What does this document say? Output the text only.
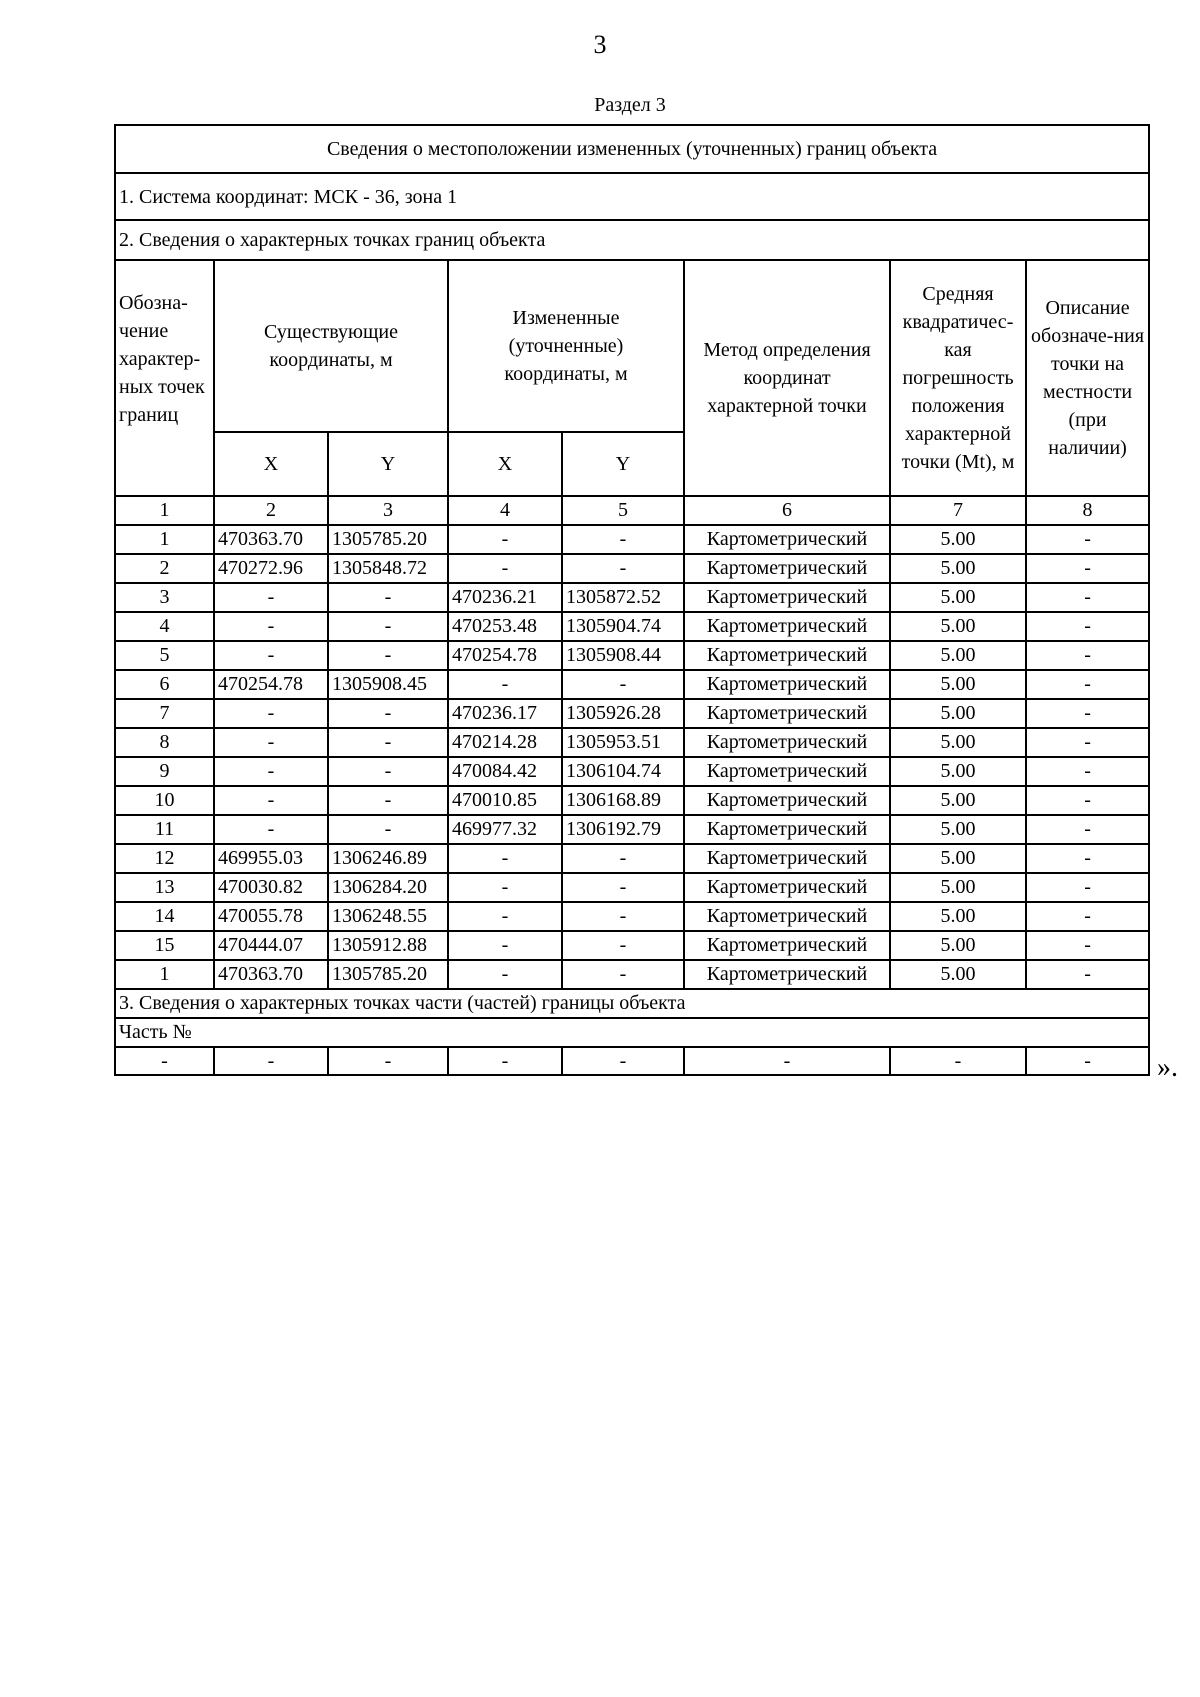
3
Раздел 3
Сведения о местоположении измененных (уточненных) границ объекта							
1. Система координат: МСК - 36, зона 1							
2. Сведения о характерных точках границ объекта							
Обозна-чение характер-ных точек границ	Существующие координаты, м		Измененные (уточненные) координаты, м		Метод определения координат характерной точки	Средняя квадратичес-кая погрешность положения характерной точки (Mt), м	Описание обозначе-ния точки на местности (при наличии)
	X	Y	X	Y			
1	2	3	4	5	6	7	8
1	470363.70	1305785.20	-	-	Картометрический	5.00	-
2	470272.96	1305848.72	-	-	Картометрический	5.00	-
3	-	-	470236.21	1305872.52	Картометрический	5.00	-
4	-	-	470253.48	1305904.74	Картометрический	5.00	-
5	-	-	470254.78	1305908.44	Картометрический	5.00	-
6	470254.78	1305908.45	-	-	Картометрический	5.00	-
7	-	-	470236.17	1305926.28	Картометрический	5.00	-
8	-	-	470214.28	1305953.51	Картометрический	5.00	-
9	-	-	470084.42	1306104.74	Картометрический	5.00	-
10	-	-	470010.85	1306168.89	Картометрический	5.00	-
11	-	-	469977.32	1306192.79	Картометрический	5.00	-
12	469955.03	1306246.89	-	-	Картометрический	5.00	-
13	470030.82	1306284.20	-	-	Картометрический	5.00	-
14	470055.78	1306248.55	-	-	Картометрический	5.00	-
15	470444.07	1305912.88	-	-	Картометрический	5.00	-
1	470363.70	1305785.20	-	-	Картометрический	5.00	-
3. Сведения о характерных точках части (частей) границы объекта							
Часть №							
-	-	-	-	-	-	-	- ».
